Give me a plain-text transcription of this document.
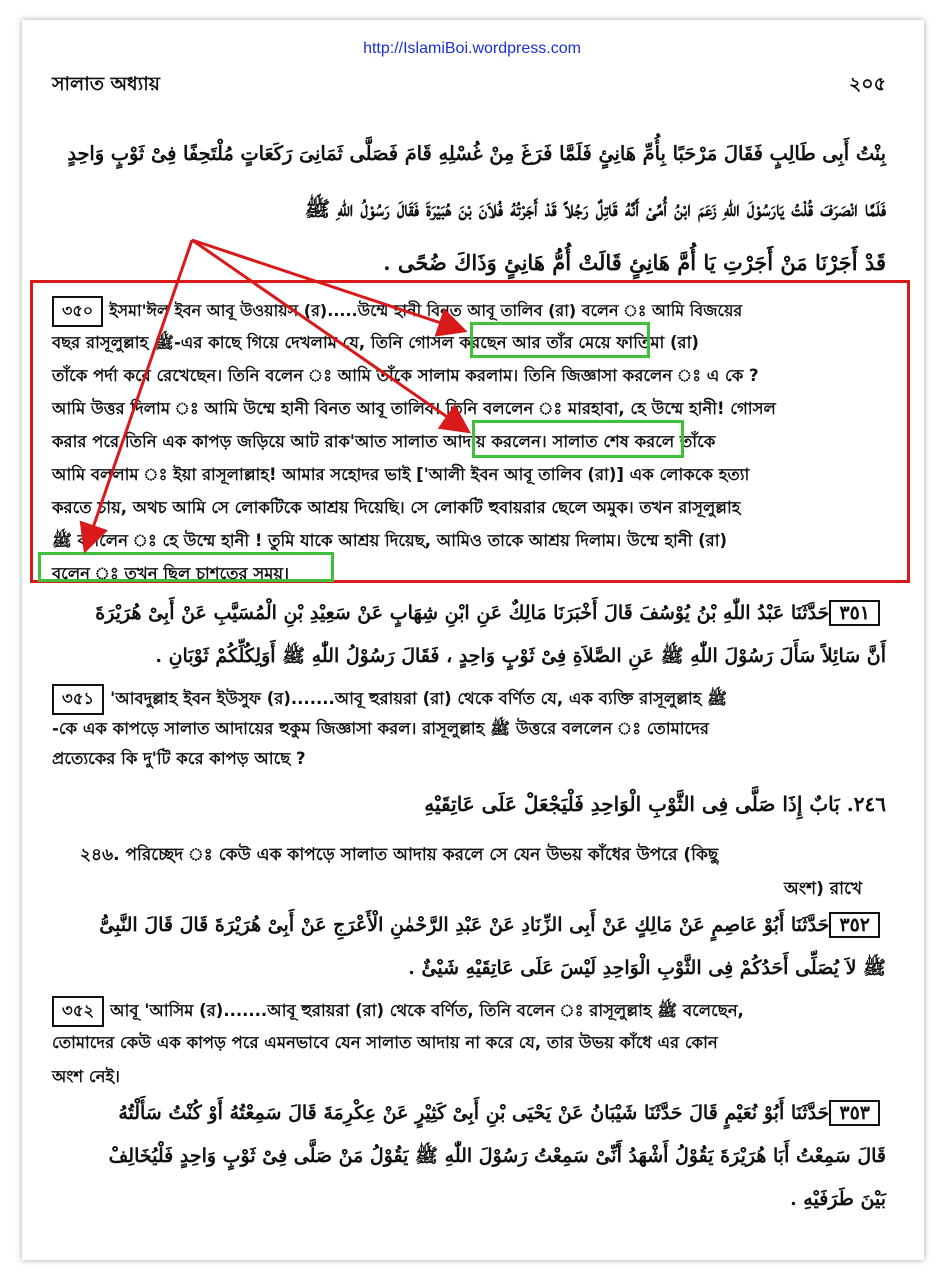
http://IslamiBoi.wordpress.com
সালাত অধ্যায়	২০৫
بِنْتُ أَبِى طَالِبٍ فَقَالَ مَرْحَبًا بِأُمِّ هَانِئٍ فَلَمَّا فَرَغَ مِنْ غُسْلِهِ قَامَ فَصَلَّى ثَمَانِىَ رَكَعَاتٍ مُلْتَحِفًا فِىْ ثَوْبٍ وَاحِدٍ
فَلَمَّا انْصَرَفَ قُلْتُ يَارَسُوْلَ اللّٰهِ زَعَمَ ابْنُ أُمِّىْ أَنَّهُ قَاتِلٌ رَجُلاً قَدْ أَجَرْتُهُ فُلاَنَ بْنَ هُبَيْرَةَ فَقَالَ رَسُوْلُ اللّٰهِ ﷺ
قَدْ أَجَرْنَا مَنْ أَجَرْتِ يَا أُمَّ هَانِئٍ قَالَتْ أُمُّ هَانِئٍ وَذَاكَ ضُحًى .
৩৫০ ইসমা'ঈল ইবন আবূ উওয়ায়স (র).....উম্মে হানী বিনত আবূ তালিব (রা) বলেন ঃ আমি বিজয়ের
বছর রাসূলুল্লাহ ﷺ-এর কাছে গিয়ে দেখলাম যে, তিনি গোসল করছেন আর তাঁর মেয়ে ফাতিমা (রা)
তাঁকে পর্দা করে রেখেছেন। তিনি বলেন ঃ আমি তাঁকে সালাম করলাম। তিনি জিজ্ঞাসা করলেন ঃ এ কে ?
আমি উত্তর দিলাম ঃ আমি উম্মে হানী বিনত আবূ তালিব। তিনি বললেন ঃ মারহাবা, হে উম্মে হানী! গোসল
করার পরে তিনি এক কাপড় জড়িয়ে আট রাক'আত সালাত আদায় করলেন। সালাত শেষ করলে তাঁকে
আমি বললাম ঃ ইয়া রাসূলাল্লাহ! আমার সহোদর ভাই ['আলী ইবন আবূ তালিব (রা)] এক লোককে হত্যা
করতে চায়, অথচ আমি সে লোকটিকে আশ্রয় দিয়েছি। সে লোকটি হুবায়রার ছেলে অমুক। তখন রাসূলুল্লাহ
ﷺ বললেন ঃ হে উম্মে হানী ! তুমি যাকে আশ্রয় দিয়েছ, আমিও তাকে আশ্রয় দিলাম। উম্মে হানী (রা)
বলেন ঃ তখন ছিল চাশতের সময়।
٣٥١حَدَّثَنَا عَبْدُ اللّٰهِ بْنُ يُوْسُفَ قَالَ أَخْبَرَنَا مَالِكٌ عَنِ ابْنِ شِهَابٍ عَنْ سَعِيْدِ بْنِ الْمُسَيَّبِ عَنْ أَبِىْ هُرَيْرَةَ
أَنَّ سَائِلاً سَأَلَ رَسُوْلَ اللّٰهِ ﷺ عَنِ الصَّلاَةِ فِىْ ثَوْبٍ وَاحِدٍ ، فَقَالَ رَسُوْلُ اللّٰهِ ﷺ أَوَلِكُلِّكُمْ ثَوْبَانِ .
৩৫১ 'আবদুল্লাহ ইবন ইউসুফ (র).......আবূ হুরায়রা (রা) থেকে বর্ণিত যে, এক ব্যক্তি রাসূলুল্লাহ ﷺ
-কে এক কাপড়ে সালাত আদায়ের হুকুম জিজ্ঞাসা করল। রাসূলুল্লাহ ﷺ উত্তরে বললেন ঃ তোমাদের
প্রত্যেকের কি দু'টি করে কাপড় আছে ?
٢٤٦. بَابٌ إِذَا صَلَّى فِى الثَّوْبِ الْوَاحِدِ فَلْيَجْعَلْ عَلَى عَاتِقَيْهِ
২৪৬. পরিচ্ছেদ ঃ কেউ এক কাপড়ে সালাত আদায় করলে সে যেন উভয় কাঁধের উপরে (কিছু
অংশ) রাখে
٣٥٢حَدَّثَنَا أَبُوْ عَاصِمٍ عَنْ مَالِكٍ عَنْ أَبِى الزِّنَادِ عَنْ عَبْدِ الرَّحْمٰنِ الْأَعْرَجِ عَنْ أَبِىْ هُرَيْرَةَ قَالَ قَالَ النَّبِىُّ
ﷺ لاَ يُصَلِّى أَحَدُكُمْ فِى الثَّوْبِ الْوَاحِدِ لَيْسَ عَلَى عَاتِقَيْهِ شَيْئٌ .
৩৫২ আবূ 'আসিম (র).......আবূ হুরায়রা (রা) থেকে বর্ণিত, তিনি বলেন ঃ রাসূলুল্লাহ ﷺ বলেছেন,
তোমাদের কেউ এক কাপড় পরে এমনভাবে যেন সালাত আদায় না করে যে, তার উভয় কাঁধে এর কোন
অংশ নেই।
٣٥٣حَدَّثَنَا أَبُوْ نُعَيْمٍ قَالَ حَدَّثَنَا شَيْبَانُ عَنْ يَحْيَى بْنِ أَبِىْ كَثِيْرٍ عَنْ عِكْرِمَةَ قَالَ سَمِعْتُهُ أَوْ كُنْتُ سَأَلْتُهُ
قَالَ سَمِعْتُ أَبَا هُرَيْرَةَ يَقُوْلُ أَشْهَدُ أَنِّىْ سَمِعْتُ رَسُوْلَ اللّٰهِ ﷺ يَقُوْلُ مَنْ صَلَّى فِىْ ثَوْبٍ وَاحِدٍ فَلْيُخَالِفْ
بَيْنَ طَرَفَيْهِ .
